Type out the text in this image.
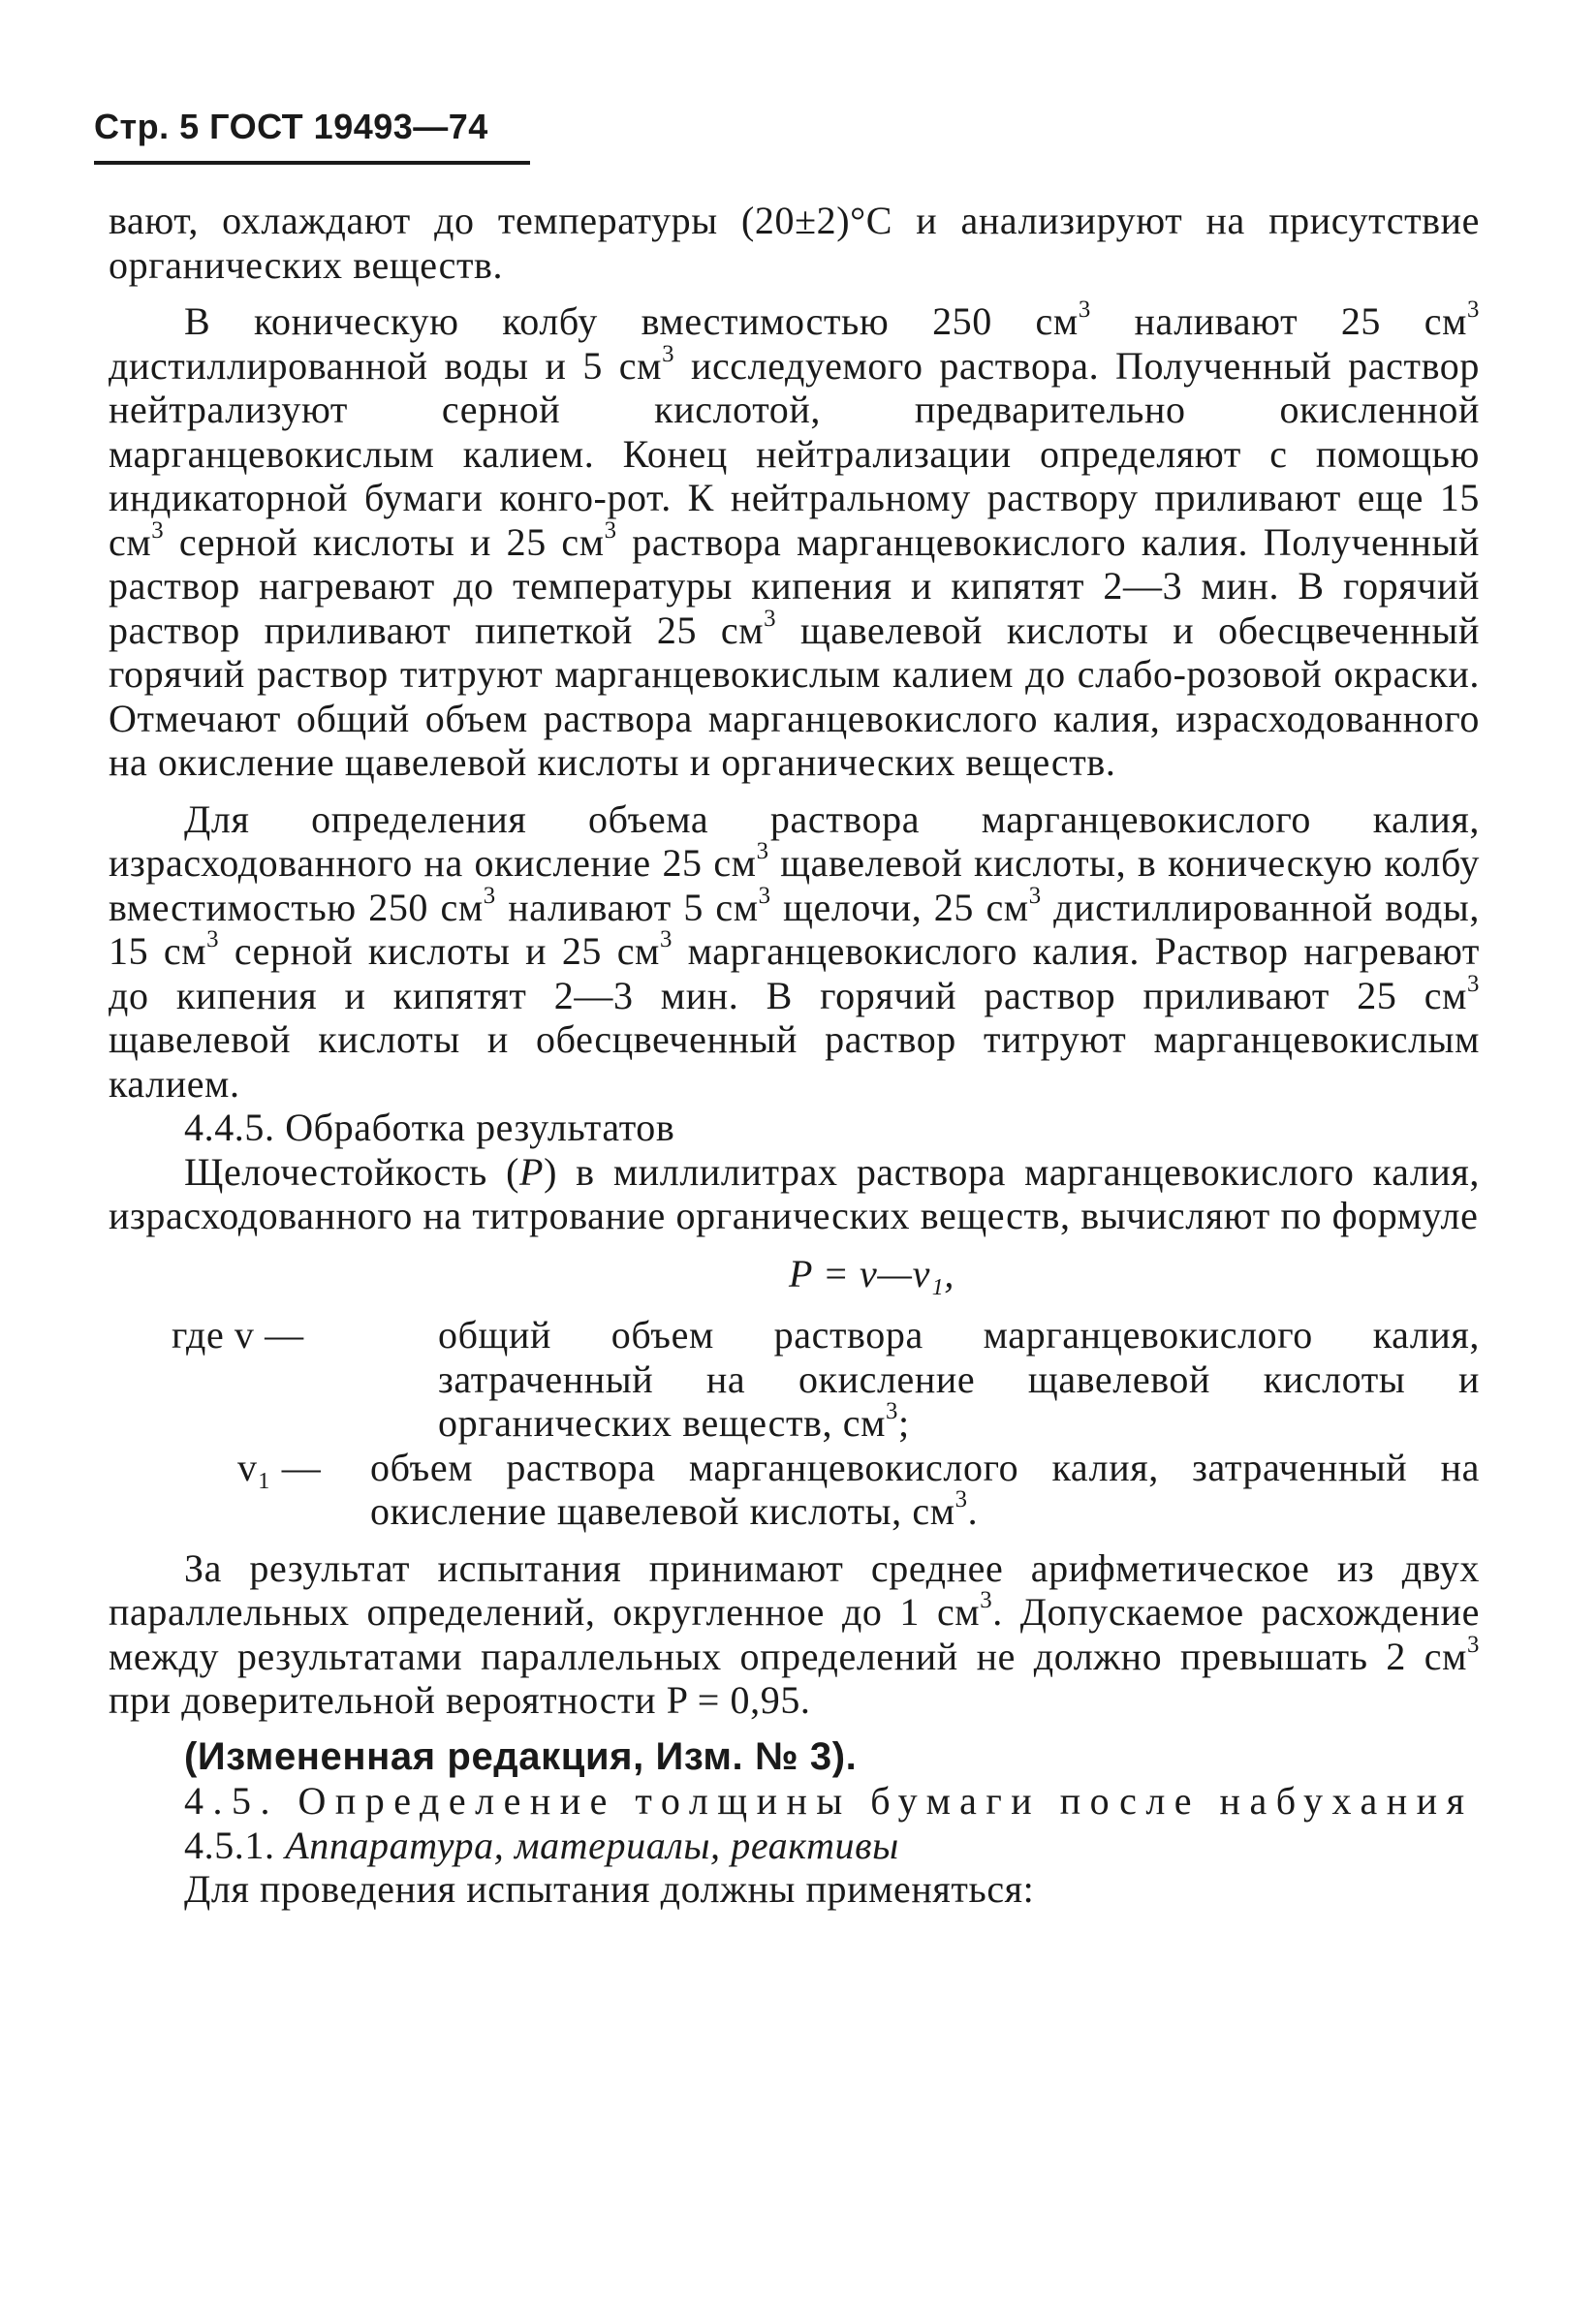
Стр. 5 ГОСТ 19493—74

вают, охлаждают до температуры (20±2)°С и анализируют на присутствие органических веществ.

В коническую колбу вместимостью 250 $см^3$ наливают 25 $см^3$ дистиллированной воды и 5 $см^3$ исследуемого раствора. Полученный раствор нейтрализуют серной кислотой, предварительно окисленной марганцевокислым калием. Конец нейтрализации определяют с помощью индикаторной бумаги конго-рот. К нейтральному раствору приливают еще 15 $см^3$ серной кислоты и 25 $см^3$ раствора марганцевокислого калия. Полученный раствор нагревают до температуры кипения и кипятят 2—3 мин. В горячий раствор приливают пипеткой 25 $см^3$ щавелевой кислоты и обесцвеченный горячий раствор титруют марганцевокислым калием до слабо-розовой окраски. Отмечают общий объем раствора марганцевокислого калия, израсходованного на окисление щавелевой кислоты и органических веществ.

Для определения объема раствора марганцевокислого калия, израсходованного на окисление 25 $см^3$ щавелевой кислоты, в коническую колбу вместимостью 250 $см^3$ наливают 5 $см^3$ щелочи, 25 $см^3$ дистиллированной воды, 15 $см^3$ серной кислоты и 25 $см^3$ марганцевокислого калия. Раствор нагревают до кипения и кипятят 2—3 мин. В горячий раствор приливают 25 $см^3$ щавелевой кислоты и обесцвеченный раствор титруют марганцевокислым калием.

4.4.5. Обработка результатов

Щелочестойкость (P) в миллилитрах раствора марганцевокислого калия, израсходованного на титрование органических веществ, вычисляют по формуле

P = v—v₁,

где v —	общий объем раствора марганцевокислого калия, затраченный на окисление щавелевой кислоты и органических веществ, $см^3$;

v₁ — объем раствора марганцевокислого калия, затраченный на окисление щавелевой кислоты, $см^3$.

За результат испытания принимают среднее арифметическое из двух параллельных определений, округленное до 1 $см^3$. Допускаемое расхождение между результатами параллельных определений не должно превышать 2 $см^3$ при доверительной вероятности P = 0,95.

(Измененная редакция, Изм. № 3).

4.5. Определение толщины бумаги после набухания

4.5.1. Аппаратура, материалы, реактивы

Для проведения испытания должны применяться:
